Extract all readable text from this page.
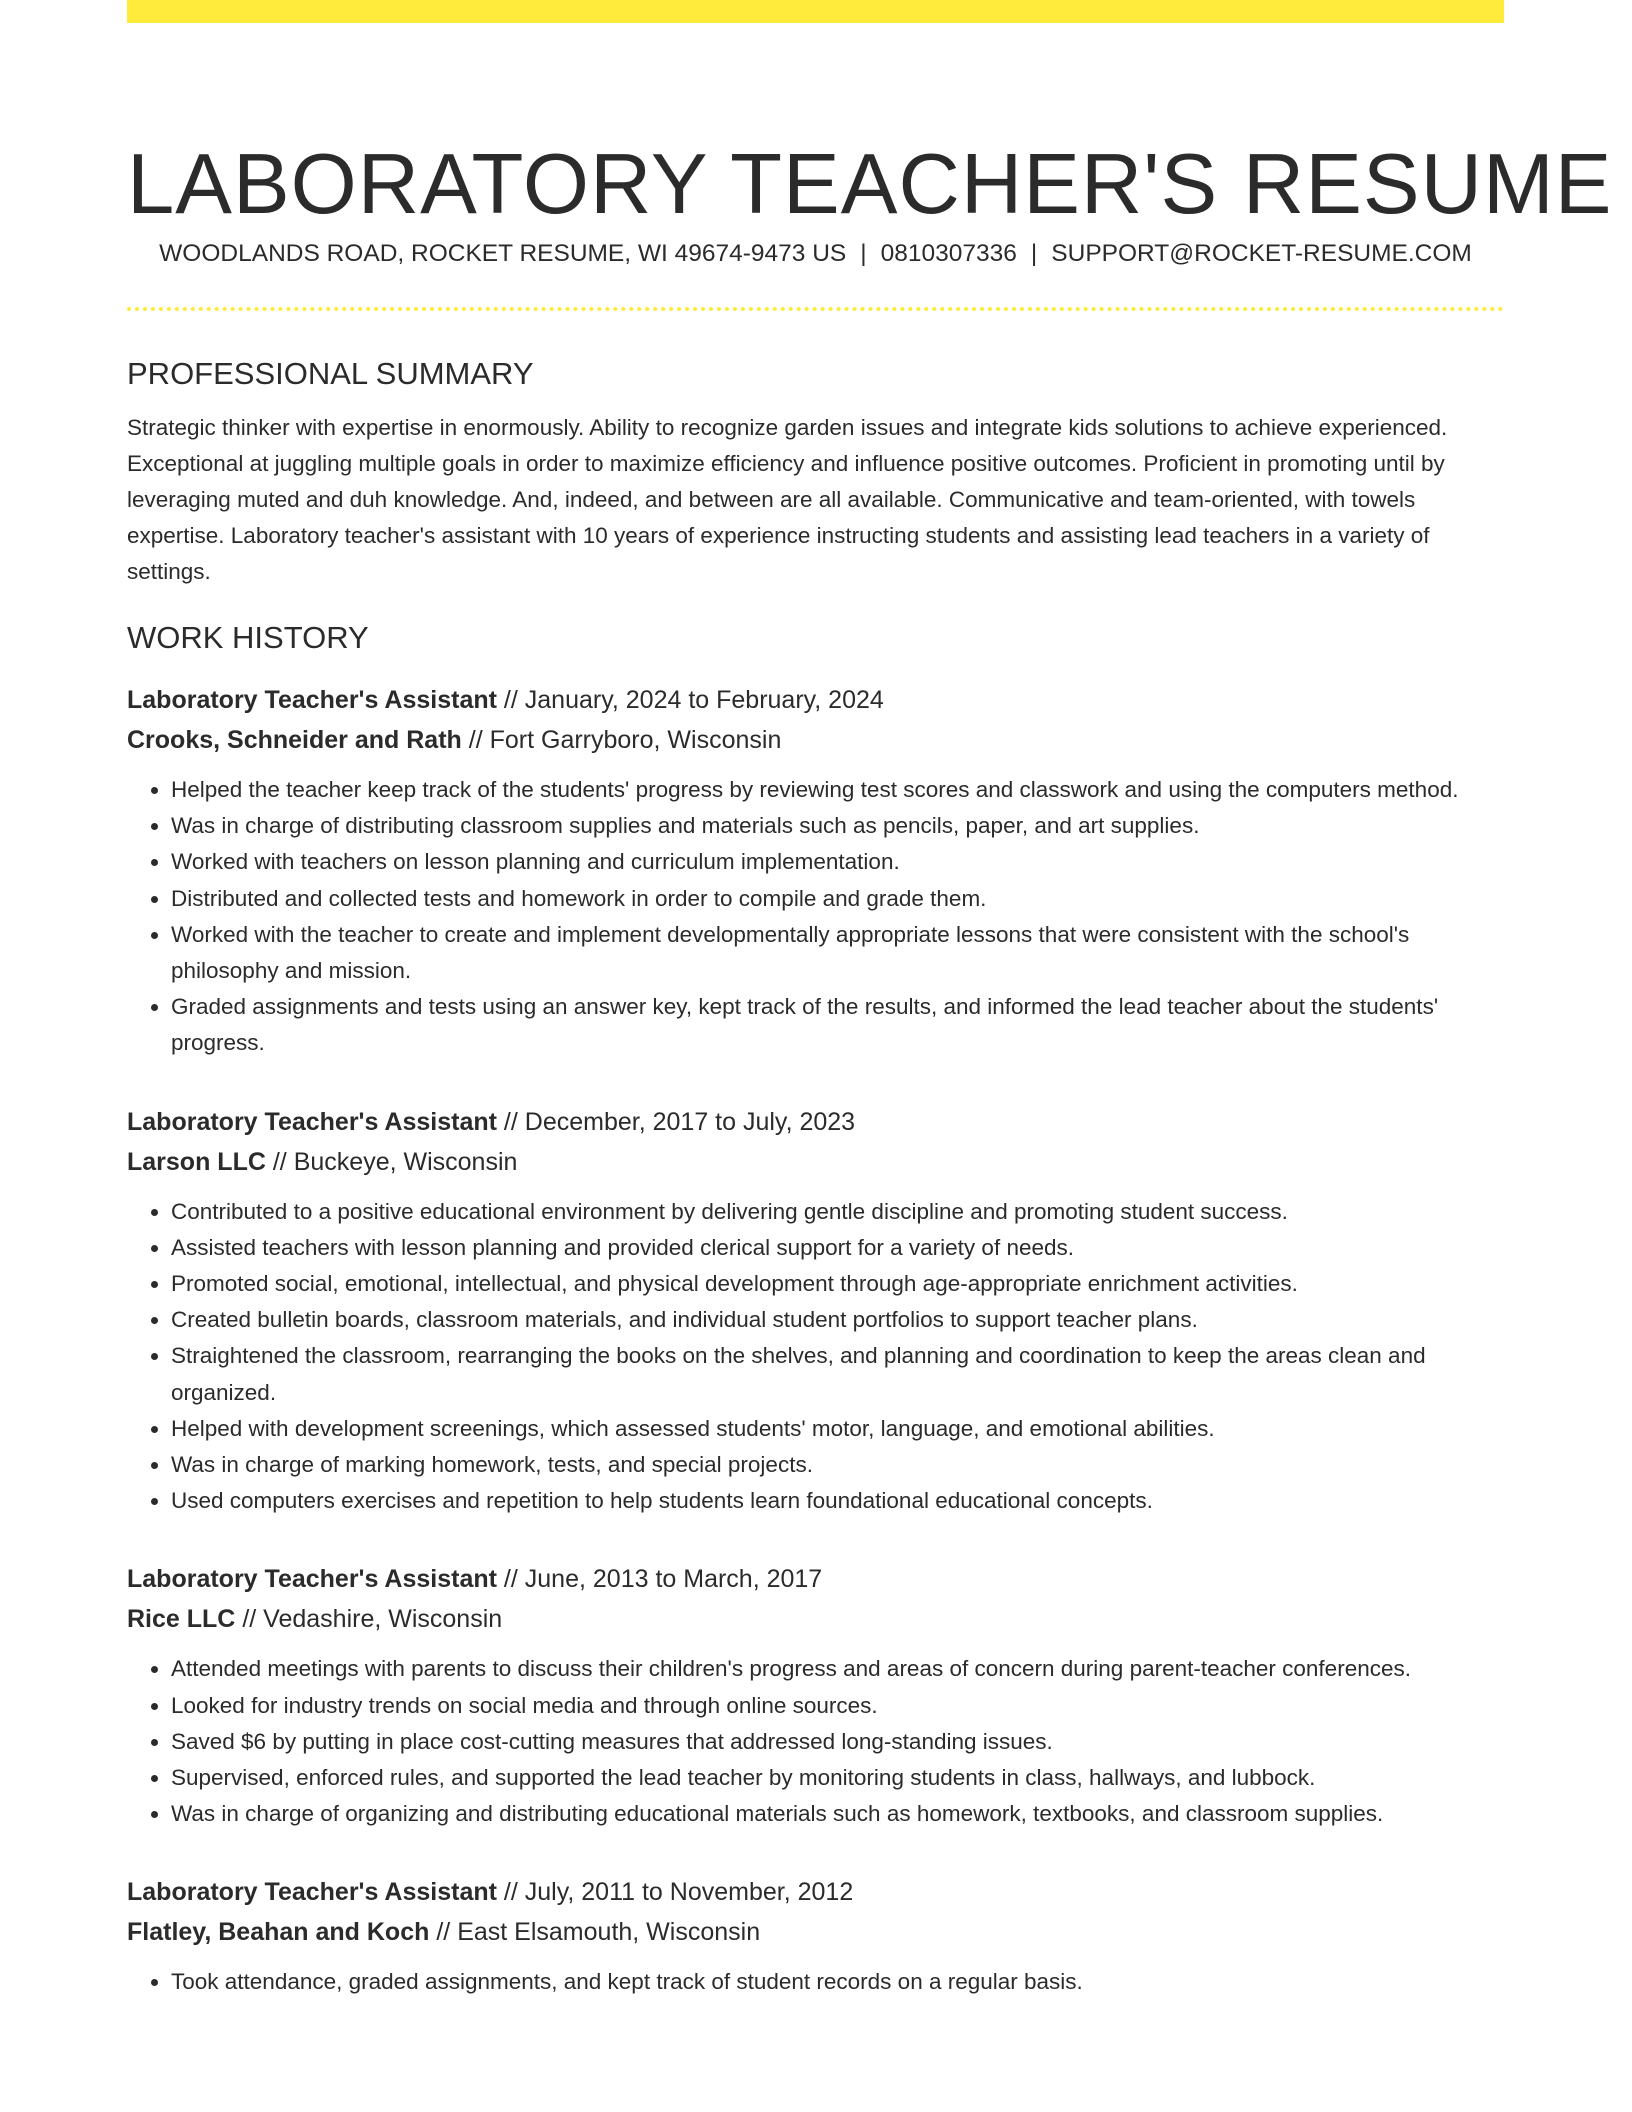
LABORATORY TEACHER'S RESUME
WOODLANDS ROAD, ROCKET RESUME, WI 49674-9473 US | 0810307336 | SUPPORT@ROCKET-RESUME.COM
PROFESSIONAL SUMMARY

Strategic thinker with expertise in enormously. Ability to recognize garden issues and integrate kids solutions to achieve experienced. Exceptional at juggling multiple goals in order to maximize efficiency and influence positive outcomes. Proficient in promoting until by leveraging muted and duh knowledge. And, indeed, and between are all available. Communicative and team-oriented, with towels expertise. Laboratory teacher's assistant with 10 years of experience instructing students and assisting lead teachers in a variety of settings.

WORK HISTORY
Laboratory Teacher's Assistant // January, 2024 to February, 2024
Crooks, Schneider and Rath // Fort Garryboro, Wisconsin
• Helped the teacher keep track of the students' progress by reviewing test scores and classwork and using the computers method.
• Was in charge of distributing classroom supplies and materials such as pencils, paper, and art supplies.
• Worked with teachers on lesson planning and curriculum implementation.
• Distributed and collected tests and homework in order to compile and grade them.
• Worked with the teacher to create and implement developmentally appropriate lessons that were consistent with the school's philosophy and mission.
• Graded assignments and tests using an answer key, kept track of the results, and informed the lead teacher about the students' progress.
Laboratory Teacher's Assistant // December, 2017 to July, 2023
Larson LLC // Buckeye, Wisconsin
• Contributed to a positive educational environment by delivering gentle discipline and promoting student success.
• Assisted teachers with lesson planning and provided clerical support for a variety of needs.
• Promoted social, emotional, intellectual, and physical development through age-appropriate enrichment activities.
• Created bulletin boards, classroom materials, and individual student portfolios to support teacher plans.
• Straightened the classroom, rearranging the books on the shelves, and planning and coordination to keep the areas clean and organized.
• Helped with development screenings, which assessed students' motor, language, and emotional abilities.
• Was in charge of marking homework, tests, and special projects.
• Used computers exercises and repetition to help students learn foundational educational concepts.
Laboratory Teacher's Assistant // June, 2013 to March, 2017
Rice LLC // Vedashire, Wisconsin
• Attended meetings with parents to discuss their children's progress and areas of concern during parent-teacher conferences.
• Looked for industry trends on social media and through online sources.
• Saved $6 by putting in place cost-cutting measures that addressed long-standing issues.
• Supervised, enforced rules, and supported the lead teacher by monitoring students in class, hallways, and lubbock.
• Was in charge of organizing and distributing educational materials such as homework, textbooks, and classroom supplies.
Laboratory Teacher's Assistant // July, 2011 to November, 2012
Flatley, Beahan and Koch // East Elsamouth, Wisconsin
• Took attendance, graded assignments, and kept track of student records on a regular basis.
